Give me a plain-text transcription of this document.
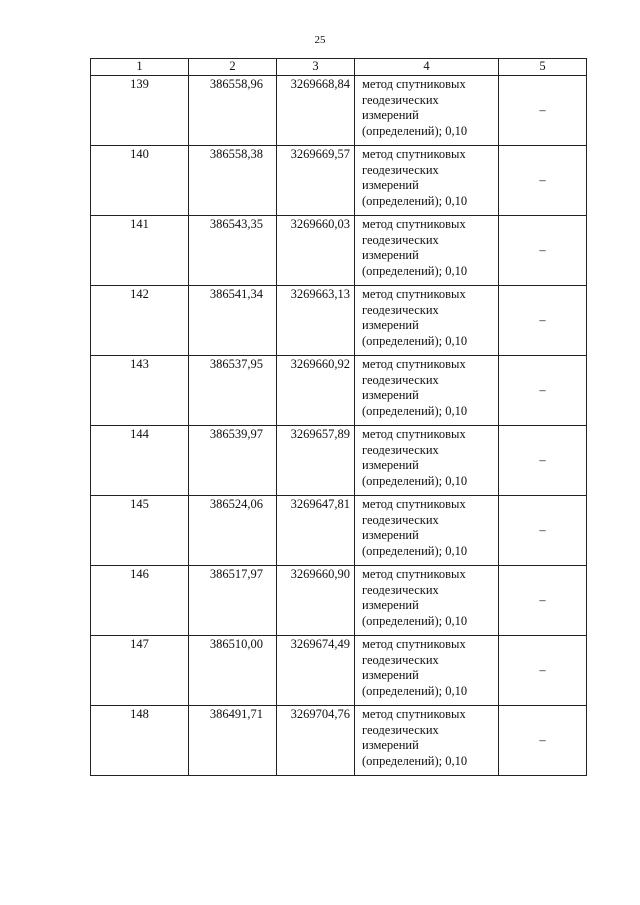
25
1	2	3	4	5
139	386558,96	3269668,84	метод спутниковых
геодезических
измерений
(определений); 0,10	–
140	386558,38	3269669,57	метод спутниковых
геодезических
измерений
(определений); 0,10	–
141	386543,35	3269660,03	метод спутниковых
геодезических
измерений
(определений); 0,10	–
142	386541,34	3269663,13	метод спутниковых
геодезических
измерений
(определений); 0,10	–
143	386537,95	3269660,92	метод спутниковых
геодезических
измерений
(определений); 0,10	–
144	386539,97	3269657,89	метод спутниковых
геодезических
измерений
(определений); 0,10	–
145	386524,06	3269647,81	метод спутниковых
геодезических
измерений
(определений); 0,10	–
146	386517,97	3269660,90	метод спутниковых
геодезических
измерений
(определений); 0,10	–
147	386510,00	3269674,49	метод спутниковых
геодезических
измерений
(определений); 0,10	–
148	386491,71	3269704,76	метод спутниковых
геодезических
измерений
(определений); 0,10	–
